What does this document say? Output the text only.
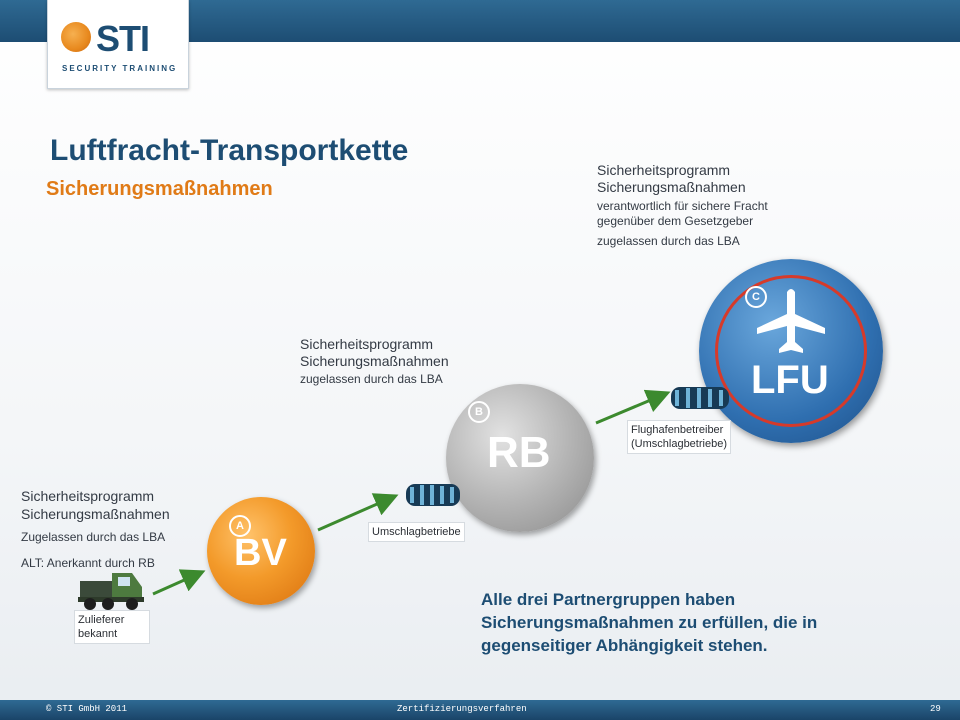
STI
SECURITY TRAINING
Luftfracht-Transportkette
Sicherungsmaßnahmen
A
BV
B
RB
C
LFU
Sicherheitsprogramm
Sicherungsmaßnahmen
verantwortlich für sichere Fracht
gegenüber dem Gesetzgeber
zugelassen durch das LBA
Sicherheitsprogramm
Sicherungsmaßnahmen
zugelassen durch das LBA
Sicherheitsprogramm
Sicherungsmaßnahmen
Zugelassen durch das LBA
ALT: Anerkannt durch RB
Zulieferer
bekannt
Umschlagbetriebe
Flughafenbetreiber
(Umschlagbetriebe)
Alle drei Partnergruppen haben Sicherungsmaßnahmen zu erfüllen, die in gegenseitiger Abhängigkeit stehen.
© STI GmbH 2011	Zertifizierungsverfahren	29
